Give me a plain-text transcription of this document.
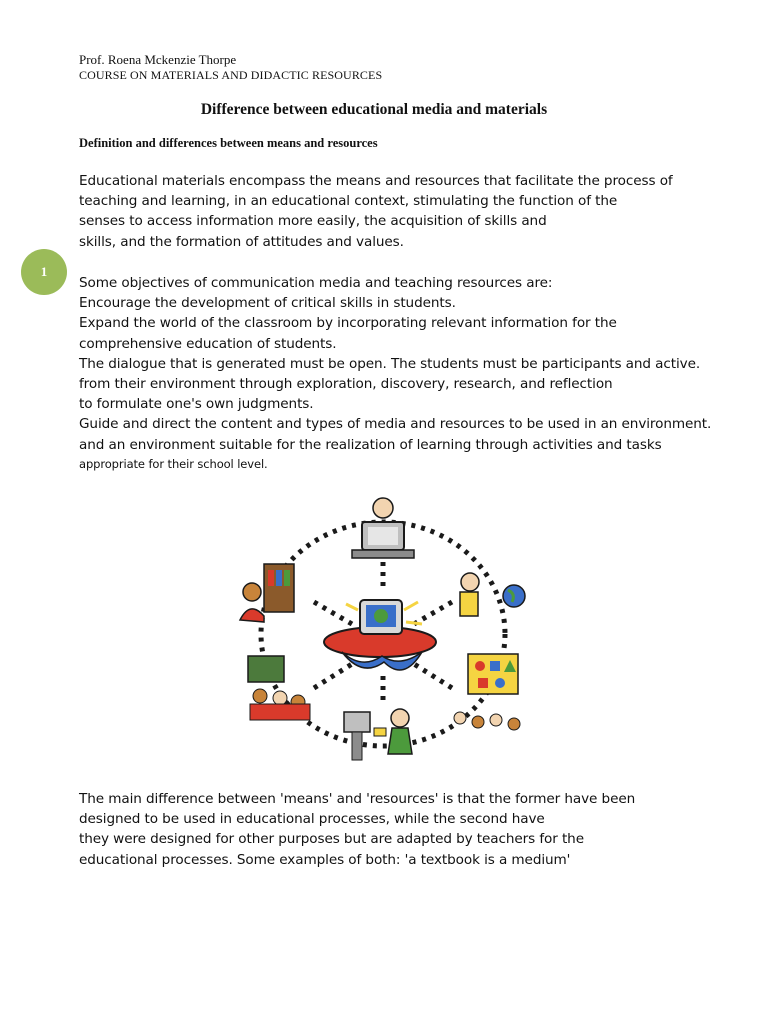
Prof. Roena Mckenzie Thorpe
COURSE ON MATERIALS AND DIDACTIC RESOURCES
Difference between educational media and materials
Definition and differences between means and resources
1
Educational materials encompass the means and resources that facilitate the process of
teaching and learning, in an educational context, stimulating the function of the
senses to access information more easily, the acquisition of skills and
skills, and the formation of attitudes and values.
Some objectives of communication media and teaching resources are:
Encourage the development of critical skills in students.
Expand the world of the classroom by incorporating relevant information for the
comprehensive education of students.
The dialogue that is generated must be open. The students must be participants and active.
from their environment through exploration, discovery, research, and reflection
to formulate one's own judgments.
Guide and direct the content and types of media and resources to be used in an environment.
and an environment suitable for the realization of learning through activities and tasks
appropriate for their school level.
The main difference between 'means' and 'resources' is that the former have been
designed to be used in educational processes, while the second have
they were designed for other purposes but are adapted by teachers for the
educational processes. Some examples of both: 'a textbook is a medium'
